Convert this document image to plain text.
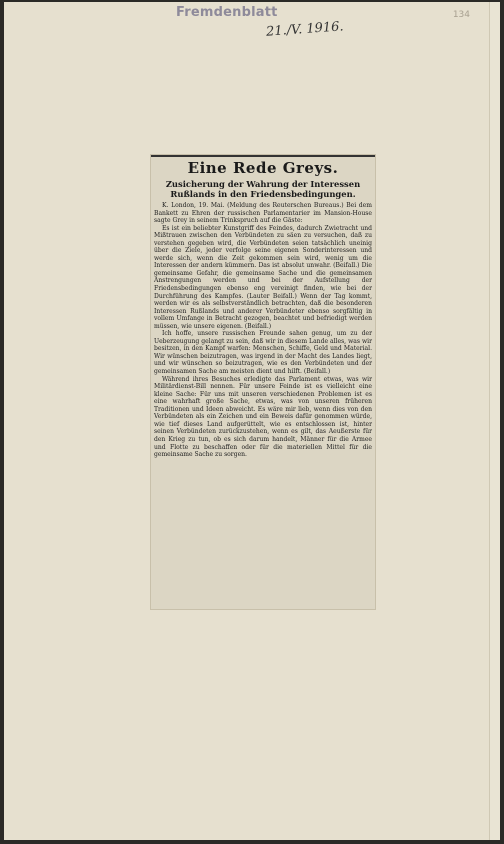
Fremdenblatt
21./V. 1916.
134
Eine Rede Greys.
Zusicherung der Wahrung der Interessen Rußlands in den Friedensbedingungen.

K. London, 19. Mai. (Meldung des Reuterschen Bureaus.) Bei dem Bankett zu Ehren der russischen Parlamentarier im Mansion-House sagte Grey in seinem Trinkspruch auf die Gäste:

Es ist ein beliebter Kunstgriff des Feindes, dadurch Zwietracht und Mißtrauen zwischen den Verbündeten zu säen zu versuchen, daß zu verstehen gegeben wird, die Verbündeten seien tatsächlich uneinig über die Ziele, jeder verfolge seine eigenen Sonderinteressen und werde sich, wenn die Zeit gekommen sein wird, wenig um die Interessen der andern kümmern. Das ist absolut unwahr. (Beifall.) Die gemeinsame Gefahr, die gemeinsame Sache und die gemeinsamen Anstrengungen werden und bei der Aufstellung der Friedensbedingungen ebenso eng vereinigt finden, wie bei der Durchführung des Kampfes. (Lauter Beifall.) Wenn der Tag kommt, werden wir es als selbstverständlich betrachten, daß die besonderen Interessen Rußlands und anderer Verbündeter ebenso sorgfältig in vollem Umfange in Betracht gezogen, beachtet und befriedigt werden müssen, wie unsere eigenen. (Beifall.)

Ich hoffe, unsere russischen Freunde sahen genug, um zu der Ueberzeugung gelangt zu sein, daß wir in diesem Lande alles, was wir besitzen, in den Kampf warfen: Menschen, Schiffe, Geld und Material. Wir wünschen beizutragen, was irgend in der Macht des Landes liegt, und wir wünschen so beizutragen, wie es den Verbündeten und der gemeinsamen Sache am meisten dient und hilft. (Beifall.)

Während ihres Besuches erledigte das Parlament etwas, was wir Militärdienst-Bill nennen. Für unsere Feinde ist es vielleicht eine kleine Sache: Für uns mit unseren verschiedenen Problemen ist es eine wahrhaft große Sache, etwas, was von unseren früheren Traditionen und Ideen abweicht. Es wäre mir lieb, wenn dies von den Verbündeten als ein Zeichen und ein Beweis dafür genommen würde, wie tief dieses Land aufgerüttelt, wie es entschlossen ist, hinter seinen Verbündeten zurückzustehen, wenn es gilt, das Aeußerste für den Krieg zu tun, ob es sich darum handelt, Männer für die Armee und Flotte zu beschaffen oder für die materiellen Mittel für die gemeinsame Sache zu sorgen.
